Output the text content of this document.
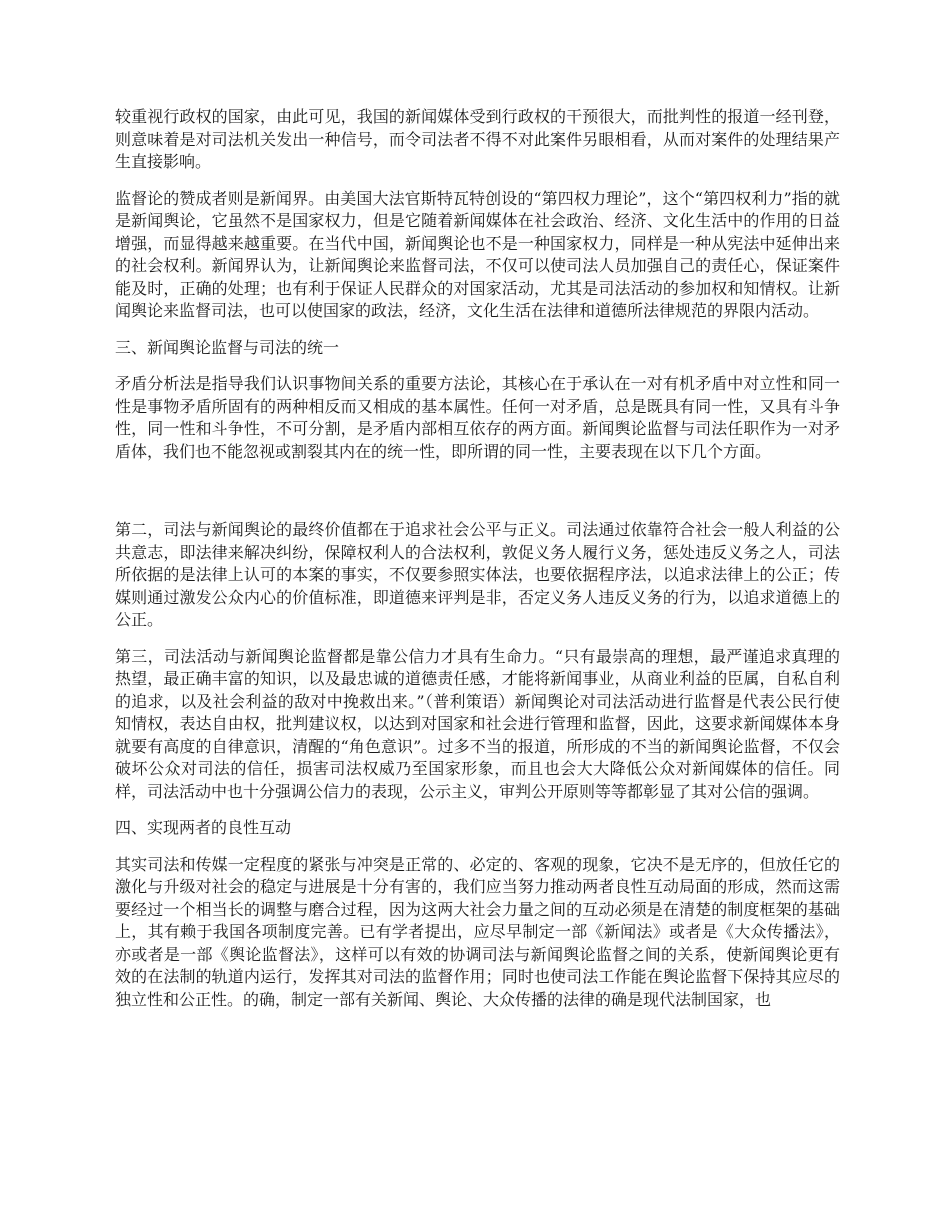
较重视行政权的国家，由此可见，我国的新闻媒体受到行政权的干预很大，而批判性的报道一经刊登，则意味着是对司法机关发出一种信号，而令司法者不得不对此案件另眼相看，从而对案件的处理结果产生直接影响。

监督论的赞成者则是新闻界。由美国大法官斯特瓦特创设的“第四权力理论”，这个“第四权利力”指的就是新闻舆论，它虽然不是国家权力，但是它随着新闻媒体在社会政治、经济、文化生活中的作用的日益增强，而显得越来越重要。在当代中国，新闻舆论也不是一种国家权力，同样是一种从宪法中延伸出来的社会权利。新闻界认为，让新闻舆论来监督司法，不仅可以使司法人员加强自己的责任心，保证案件能及时，正确的处理；也有利于保证人民群众的对国家活动，尤其是司法活动的参加权和知情权。让新闻舆论来监督司法，也可以使国家的政法，经济，文化生活在法律和道德所法律规范的界限内活动。

三、新闻舆论监督与司法的统一

矛盾分析法是指导我们认识事物间关系的重要方法论，其核心在于承认在一对有机矛盾中对立性和同一性是事物矛盾所固有的两种相反而又相成的基本属性。任何一对矛盾，总是既具有同一性，又具有斗争性，同一性和斗争性，不可分割，是矛盾内部相互依存的两方面。新闻舆论监督与司法任职作为一对矛盾体，我们也不能忽视或割裂其内在的统一性，即所谓的同一性，主要表现在以下几个方面。

第二，司法与新闻舆论的最终价值都在于追求社会公平与正义。司法通过依靠符合社会一般人利益的公共意志，即法律来解决纠纷，保障权利人的合法权利，敦促义务人履行义务，惩处违反义务之人，司法所依据的是法律上认可的本案的事实，不仅要参照实体法，也要依据程序法，以追求法律上的公正；传媒则通过激发公众内心的价值标准，即道德来评判是非，否定义务人违反义务的行为，以追求道德上的公正。

第三，司法活动与新闻舆论监督都是靠公信力才具有生命力。“只有最崇高的理想，最严谨追求真理的热望，最正确丰富的知识，以及最忠诚的道德责任感，才能将新闻事业，从商业利益的臣属，自私自利的追求，以及社会利益的敌对中挽救出来。”（普利策语）新闻舆论对司法活动进行监督是代表公民行使知情权，表达自由权，批判建议权，以达到对国家和社会进行管理和监督，因此，这要求新闻媒体本身就要有高度的自律意识，清醒的“角色意识”。过多不当的报道，所形成的不当的新闻舆论监督，不仅会破坏公众对司法的信任，损害司法权威乃至国家形象，而且也会大大降低公众对新闻媒体的信任。同样，司法活动中也十分强调公信力的表现，公示主义，审判公开原则等等都彰显了其对公信的强调。

四、实现两者的良性互动

其实司法和传媒一定程度的紧张与冲突是正常的、必定的、客观的现象，它决不是无序的，但放任它的激化与升级对社会的稳定与进展是十分有害的，我们应当努力推动两者良性互动局面的形成，然而这需要经过一个相当长的调整与磨合过程，因为这两大社会力量之间的互动必须是在清楚的制度框架的基础上，其有赖于我国各项制度完善。已有学者提出，应尽早制定一部《新闻法》或者是《大众传播法》，亦或者是一部《舆论监督法》，这样可以有效的协调司法与新闻舆论监督之间的关系，使新闻舆论更有效的在法制的轨道内运行，发挥其对司法的监督作用；同时也使司法工作能在舆论监督下保持其应尽的独立性和公正性。的确，制定一部有关新闻、舆论、大众传播的法律的确是现代法制国家，也
